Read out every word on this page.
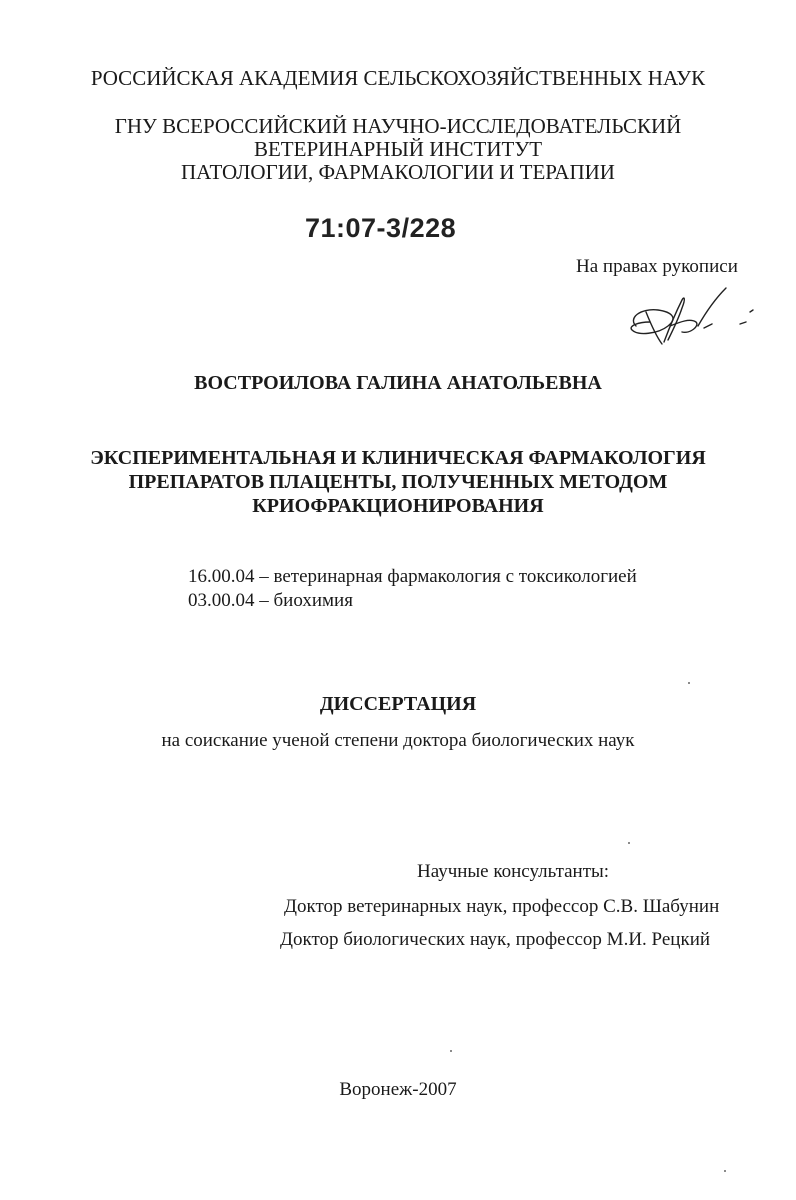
РОССИЙСКАЯ АКАДЕМИЯ СЕЛЬСКОХОЗЯЙСТВЕННЫХ НАУК
ГНУ ВСЕРОССИЙСКИЙ НАУЧНО-ИССЛЕДОВАТЕЛЬСКИЙ
ВЕТЕРИНАРНЫЙ ИНСТИТУТ
ПАТОЛОГИИ, ФАРМАКОЛОГИИ И ТЕРАПИИ
71:07-3/228
На правах рукописи
ВОСТРОИЛОВА ГАЛИНА АНАТОЛЬЕВНА
ЭКСПЕРИМЕНТАЛЬНАЯ И КЛИНИЧЕСКАЯ ФАРМАКОЛОГИЯ
ПРЕПАРАТОВ ПЛАЦЕНТЫ, ПОЛУЧЕННЫХ МЕТОДОМ
КРИОФРАКЦИОНИРОВАНИЯ
16.00.04 – ветеринарная фармакология с токсикологией
03.00.04 – биохимия
ДИССЕРТАЦИЯ
на соискание ученой степени доктора биологических наук
Научные консультанты:
Доктор ветеринарных наук, профессор С.В. Шабунин
Доктор биологических наук, профессор М.И. Рецкий
Воронеж-2007
